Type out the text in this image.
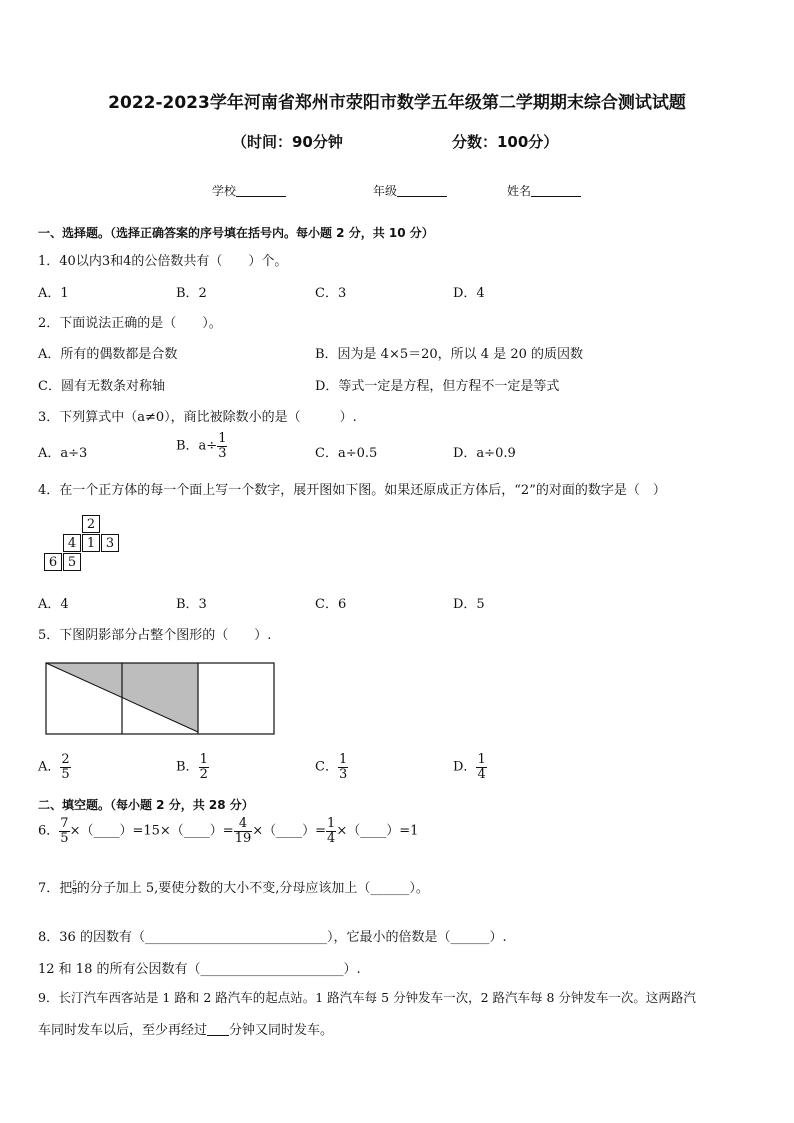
2022-2023学年河南省郑州市荥阳市数学五年级第二学期期末综合测试试题
（时间：90分钟	分数：100分）
学校	年级	姓名
一、选择题。（选择正确答案的序号填在括号内。每小题 2 分，共 10 分）
1．40以内3和4的公倍数共有（　　）个。
A．1	B．2	C．3	D．4
2．下面说法正确的是（　　）。
A．所有的偶数都是合数	B．因为是 4×5＝20，所以 4 是 20 的质因数
C．圆有无数条对称轴	D．等式一定是方程，但方程不一定是等式
3．下列算式中（a≠0），商比被除数小的是（　　　）.
A．a÷3	B．$a\div \frac{1}{3}$	C．a÷0.5	D．a÷0.9
4．在一个正方体的每一个面上写一个数字，展开图如下图。如果还原成正方体后，“2”的对面的数字是（　）
2
4 1 3
6 5
A．4	B．3	C．6	D．5
5．下图阴影部分占整个图形的（　　）.
A． $\frac{2}{5}$	B． $\frac{1}{2}$	C． $\frac{1}{3}$	D． $\frac{1}{4}$
二、填空题。（每小题 2 分，共 28 分）
6． $\frac{7}{5}$ ×（____）=15×（____）= $\frac{4}{19}$ ×（____）= $\frac{1}{4}$ ×（____）=1
7．把 $\frac{5}{9}$ 的分子加上 5,要使分数的大小不变,分母应该加上（______）。
8．36 的因数有（____________________________），它最小的倍数是（______）.
12 和 18 的所有公因数有（______________________）.
9．长汀汽车西客站是 1 路和 2 路汽车的起点站。1 路汽车每 5 分钟发车一次，2 路汽车每 8 分钟发车一次。这两路汽
车同时发车以后，至少再经过 分钟又同时发车。
